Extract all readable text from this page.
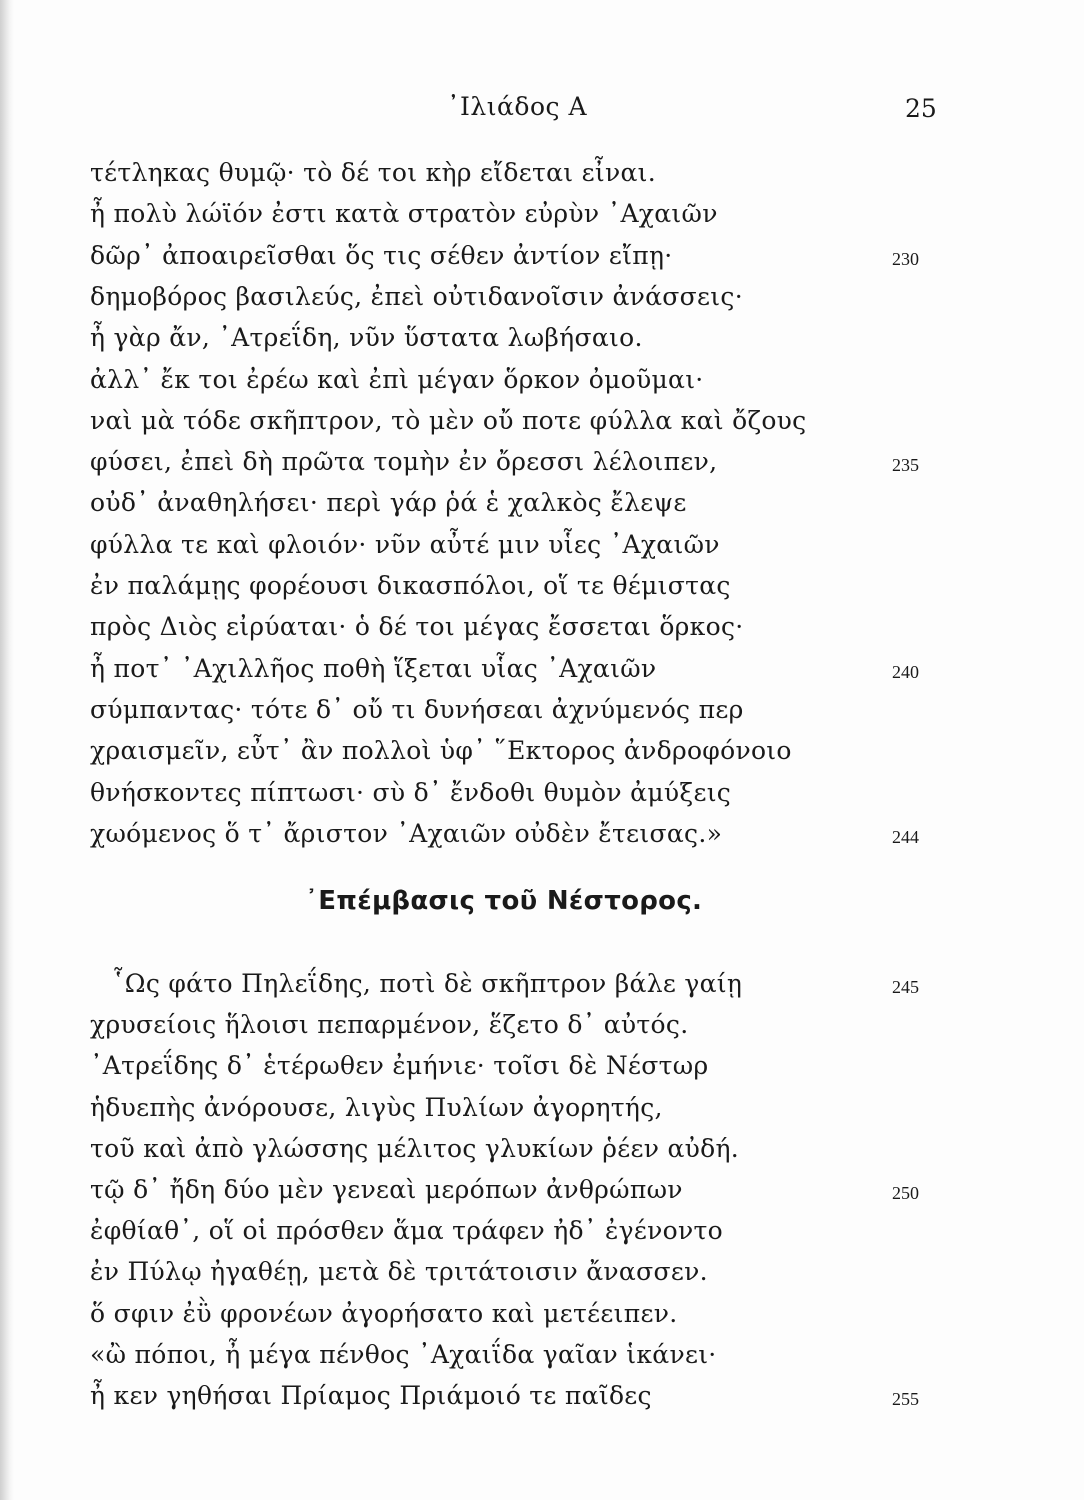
᾿Ιλιάδος Α	25
τέτληκας θυμῷ· τὸ δέ τοι κὴρ εἴδεται εἶναι.
ἦ πολὺ λώϊόν ἐστι κατὰ στρατὸν εὐρὺν ᾿Αχαιῶν
δῶρ᾿ ἀποαιρεῖσθαι ὅς τις σέθεν ἀντίον εἴπῃ·	230
δημοβόρος βασιλεύς, ἐπεὶ οὐτιδανοῖσιν ἀνάσσεις·
ἦ γὰρ ἄν, ᾿Ατρεΐδη, νῦν ὕστατα λωβήσαιο.
ἀλλ᾿ ἔκ τοι ἐρέω καὶ ἐπὶ μέγαν ὅρκον ὀμοῦμαι·
ναὶ μὰ τόδε σκῆπτρον, τὸ μὲν οὔ ποτε φύλλα καὶ ὄζους
φύσει, ἐπεὶ δὴ πρῶτα τομὴν ἐν ὄρεσσι λέλοιπεν,	235
οὐδ᾿ ἀναθηλήσει· περὶ γάρ ῥά ἑ χαλκὸς ἔλεψε
φύλλα τε καὶ φλοιόν· νῦν αὖτέ μιν υἷες ᾿Αχαιῶν
ἐν παλάμῃς φορέουσι δικασπόλοι, οἵ τε θέμιστας
πρὸς Διὸς εἰρύαται· ὁ δέ τοι μέγας ἔσσεται ὅρκος·
ἦ ποτ᾿ ᾿Αχιλλῆος ποθὴ ἵξεται υἷας ᾿Αχαιῶν	240
σύμπαντας· τότε δ᾿ οὔ τι δυνήσεαι ἀχνύμενός περ
χραισμεῖν, εὖτ᾿ ἂν πολλοὶ ὑφ᾿ ῞Εκτορος ἀνδροφόνοιο
θνήσκοντες πίπτωσι· σὺ δ᾿ ἔνδοθι θυμὸν ἀμύξεις
χωόμενος ὅ τ᾿ ἄριστον ᾿Αχαιῶν οὐδὲν ἔτεισας.»	244
᾿Επέμβασις τοῦ Νέστορος.
῟Ως φάτο Πηλεΐδης, ποτὶ δὲ σκῆπτρον βάλε γαίῃ	245
χρυσείοις ἥλοισι πεπαρμένον, ἕζετο δ᾿ αὐτός.
᾿Ατρεΐδης δ᾿ ἑτέρωθεν ἐμήνιε· τοῖσι δὲ Νέστωρ
ἡδυεπὴς ἀνόρουσε, λιγὺς Πυλίων ἀγορητής,
τοῦ καὶ ἀπὸ γλώσσης μέλιτος γλυκίων ῥέεν αὐδή.
τῷ δ᾿ ἤδη δύο μὲν γενεαὶ μερόπων ἀνθρώπων	250
ἐφθίαθ᾿, οἵ οἱ πρόσθεν ἅμα τράφεν ἠδ᾿ ἐγένοντο
ἐν Πύλῳ ἠγαθέῃ, μετὰ δὲ τριτάτοισιν ἄνασσεν.
ὅ σφιν ἐῢ φρονέων ἀγορήσατο καὶ μετέειπεν.
«ὢ πόποι, ἦ μέγα πένθος ᾿Αχαιΐδα γαῖαν ἱκάνει·
ἦ κεν γηθήσαι Πρίαμος Πριάμοιό τε παῖδες	255
